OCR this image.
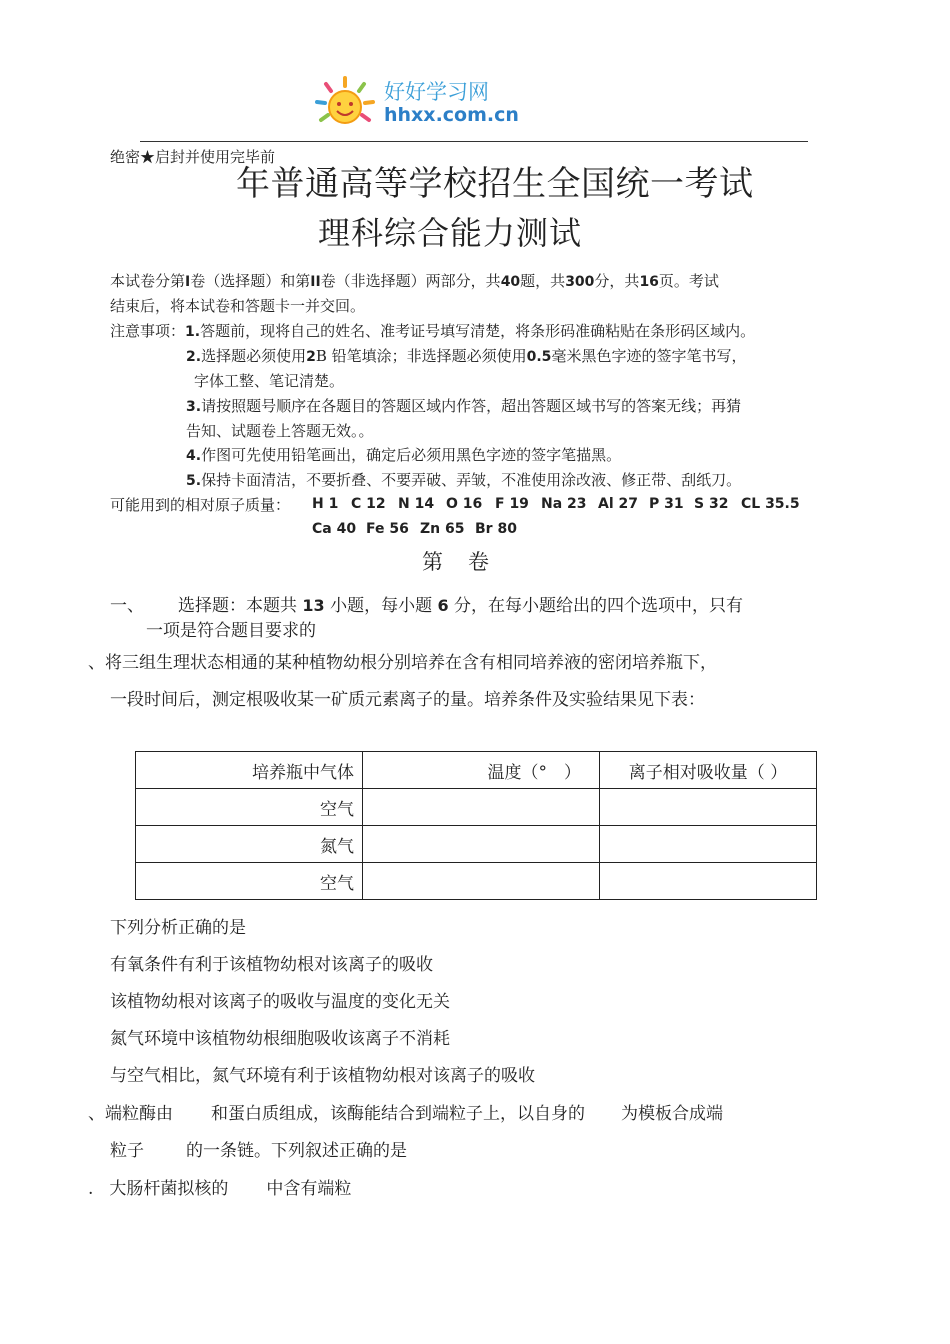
好好学习网
hhxx.com.cn
绝密★启封并使用完毕前
年普通高等学校招生全国统一考试
理科综合能力测试
本试卷分第I卷（选择题）和第II卷（非选择题）两部分，共40题，共300分，共16页。考试
结束后，将本试卷和答题卡一并交回。
注意事项：1.答题前，现将自己的姓名、准考证号填写清楚，将条形码准确粘贴在条形码区域内。
2.选择题必须使用2B 铅笔填涂；非选择题必须使用0.5毫米黑色字迹的签字笔书写，
字体工整、笔记清楚。
3.请按照题号顺序在各题目的答题区域内作答，超出答题区域书写的答案无线；再猜
告知、试题卷上答题无效。。
4.作图可先使用铅笔画出，确定后必须用黑色字迹的签字笔描黑。
5.保持卡面清洁，不要折叠、不要弄破、弄皱，不准使用涂改液、修正带、刮纸刀。
可能用到的相对原子质量： H 1 C 12 N 14 O 16 F 19 Na 23 Al 27 P 31 S 32 CL 35.5
Ca 40 Fe 56 Zn 65 Br 80
第　卷
一、 选择题：本题共 13 小题，每小题 6 分，在每小题给出的四个选项中，只有
一项是符合题目要求的
、将三组生理状态相通的某种植物幼根分别培养在含有相同培养液的密闭培养瓶下，
一段时间后，测定根吸收某一矿质元素离子的量。培养条件及实验结果见下表：
培养瓶中气体	温度（°　）	离子相对吸收量（ ）
空气		
氮气		
空气		
下列分析正确的是
有氧条件有利于该植物幼根对该离子的吸收
该植物幼根对该离子的吸收与温度的变化无关
氮气环境中该植物幼根细胞吸收该离子不消耗
与空气相比，氮气环境有利于该植物幼根对该离子的吸收
、端粒酶由 和蛋白质组成，该酶能结合到端粒子上，以自身的 为模板合成端
粒子 的一条链。下列叙述正确的是
. 大肠杆菌拟核的 中含有端粒
